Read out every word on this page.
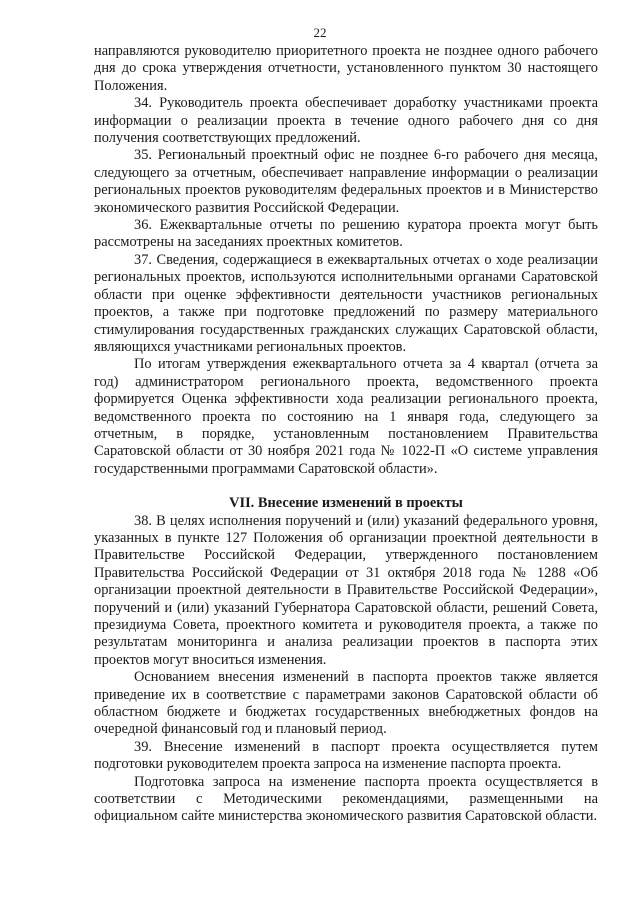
22

направляются руководителю приоритетного проекта не позднее одного рабочего дня до срока утверждения отчетности, установленного пунктом 30 настоящего Положения.

34. Руководитель проекта обеспечивает доработку участниками проекта информации о реализации проекта в течение одного рабочего дня со дня получения соответствующих предложений.

35. Региональный проектный офис не позднее 6-го рабочего дня месяца, следующего за отчетным, обеспечивает направление информации о реализации региональных проектов руководителям федеральных проектов и в Министерство экономического развития Российской Федерации.

36. Ежеквартальные отчеты по решению куратора проекта могут быть рассмотрены на заседаниях проектных комитетов.

37. Сведения, содержащиеся в ежеквартальных отчетах о ходе реализации региональных проектов, используются исполнительными органами Саратовской области при оценке эффективности деятельности участников региональных проектов, а также при подготовке предложений по размеру материального стимулирования государственных гражданских служащих Саратовской области, являющихся участниками региональных проектов.

По итогам утверждения ежеквартального отчета за 4 квартал (отчета за год) администратором регионального проекта, ведомственного проекта формируется Оценка эффективности хода реализации регионального проекта, ведомственного проекта по состоянию на 1 января года, следующего за отчетным, в порядке, установленным постановлением Правительства Саратовской области от 30 ноября 2021 года № 1022-П «О системе управления государственными программами Саратовской области».

VII. Внесение изменений в проекты

38. В целях исполнения поручений и (или) указаний федерального уровня, указанных в пункте 127 Положения об организации проектной деятельности в Правительстве Российской Федерации, утвержденного постановлением Правительства Российской Федерации от 31 октября 2018 года № 1288 «Об организации проектной деятельности в Правительстве Российской Федерации», поручений и (или) указаний Губернатора Саратовской области, решений Совета, президиума Совета, проектного комитета и руководителя проекта, а также по результатам мониторинга и анализа реализации проектов в паспорта этих проектов могут вноситься изменения.

Основанием внесения изменений в паспорта проектов также является приведение их в соответствие с параметрами законов Саратовской области об областном бюджете и бюджетах государственных внебюджетных фондов на очередной финансовый год и плановый период.

39. Внесение изменений в паспорт проекта осуществляется путем подготовки руководителем проекта запроса на изменение паспорта проекта.

Подготовка запроса на изменение паспорта проекта осуществляется в соответствии с Методическими рекомендациями, размещенными на официальном сайте министерства экономического развития Саратовской области.
